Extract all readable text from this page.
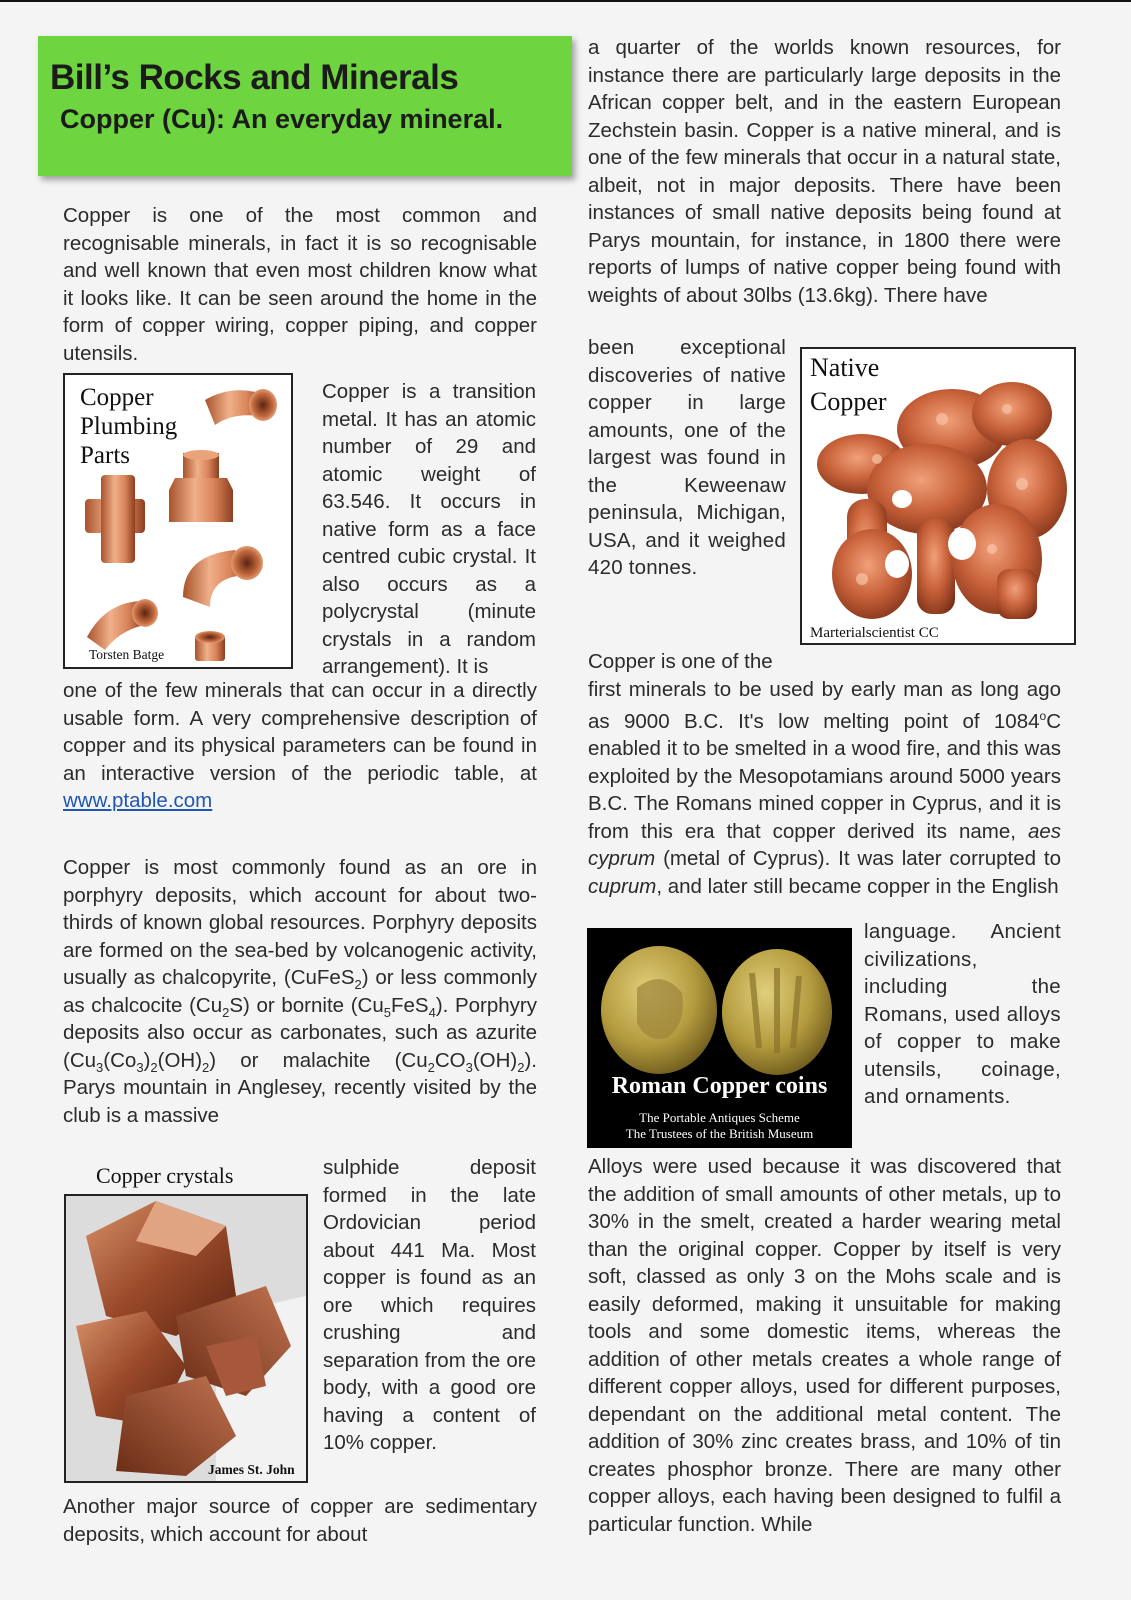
Bill’s Rocks and Minerals
Copper (Cu): An everyday mineral.

Copper is one of the most common and recognisable minerals, in fact it is so recognisable and well known that even most children know what it looks like. It can be seen around the home in the form of copper wiring, copper piping, and copper utensils.

Copper
Plumbing
Parts
Torsten Batge

Copper is a transition metal. It has an atomic number of 29 and atomic weight of 63.546. It occurs in native form as a face centred cubic crystal. It also occurs as a polycrystal (minute crystals in a random arrangement). It is

one of the few minerals that can occur in a directly usable form. A very comprehensive description of copper and its physical parameters can be found in an interactive version of the periodic table, at www.ptable.com

Copper is most commonly found as an ore in porphyry deposits, which account for about two-thirds of known global resources. Porphyry deposits are formed on the sea-bed by volcanogenic activity, usually as chalcopyrite, (CuFeS$_2$) or less commonly as chalcocite $(Cu_2S)$ or bornite $(Cu_5FeS_4)$. Porphyry deposits also occur as carbonates, such as azurite $(Cu_3(Co_3)_2(OH)_2)$ or malachite $(Cu_2CO_3(OH)_2)$. Parys mountain in Anglesey, recently visited by the club is a massive

Copper crystals
James St. John

sulphide deposit formed in the late Ordovician period about 441 Ma. Most copper is found as an ore which requires crushing and separation from the ore body, with a good ore having a content of 10% copper.

Another major source of copper are sedimentary deposits, which account for about

a quarter of the worlds known resources, for instance there are particularly large deposits in the African copper belt, and in the eastern European Zechstein basin. Copper is a native mineral, and is one of the few minerals that occur in a natural state, albeit, not in major deposits. There have been instances of small native deposits being found at Parys mountain, for instance, in 1800 there were reports of lumps of native copper being found with weights of about 30lbs (13.6kg). There have

been exceptional discoveries of native copper in large amounts, one of the largest was found in the Keweenaw peninsula, Michigan, USA, and it weighed 420 tonnes.

Native
Copper
Marterialscientist CC

Copper is one of the
first minerals to be used by early man as long ago as 9000 B.C. It's low melting point of 1084$^o$C enabled it to be smelted in a wood fire, and this was exploited by the Mesopotamians around 5000 years B.C. The Romans mined copper in Cyprus, and it is from this era that copper derived its name, aes cyprum (metal of Cyprus). It was later corrupted to cuprum, and later still became copper in the English

Roman Copper coins
The Portable Antiques Scheme
The Trustees of the British Museum

language. Ancient civilizations, including the Romans, used alloys of copper to make utensils, coinage, and ornaments.

Alloys were used because it was discovered that the addition of small amounts of other metals, up to 30% in the smelt, created a harder wearing metal than the original copper. Copper by itself is very soft, classed as only 3 on the Mohs scale and is easily deformed, making it unsuitable for making tools and some domestic items, whereas the addition of other metals creates a whole range of different copper alloys, used for different purposes, dependant on the additional metal content. The addition of 30% zinc creates brass, and 10% of tin creates phosphor bronze. There are many other copper alloys, each having been designed to fulfil a particular function. While
